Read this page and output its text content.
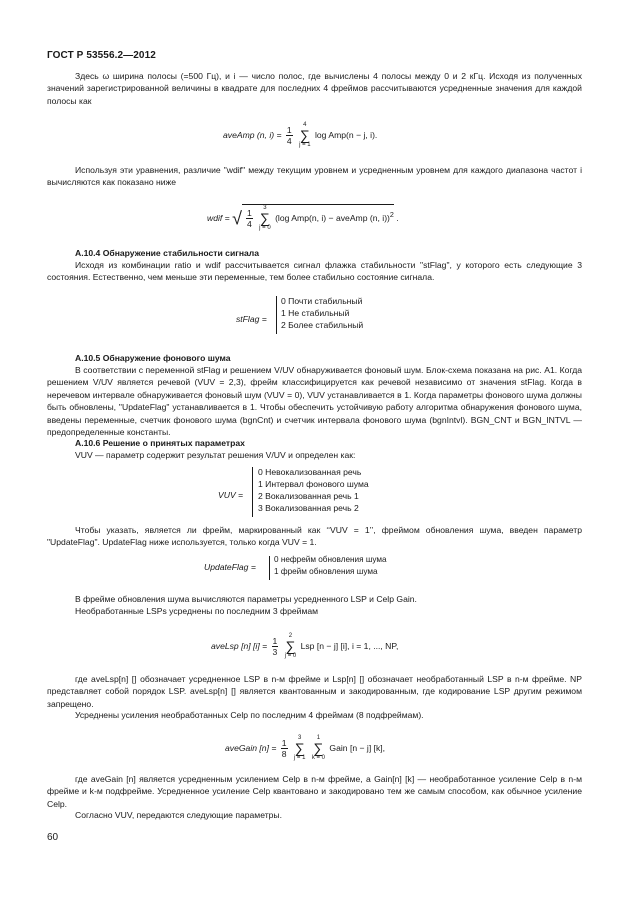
ГОСТ Р 53556.2—2012
Здесь ω ширина полосы (=500 Гц), и i — число полос, где вычислены 4 полосы между 0 и 2 кГц. Исходя из полученных значений зарегистрированной величины в квадрате для последних 4 фреймов рассчитываются усредненные значения для каждой полосы как
aveAmp (n, $i) = \frac{1}{4}$
	4
∑
j = 1
log Amp(n − j, i).
Используя эти уравнения, различие "wdif" между текущим уровнем и усредненным уровнем для каждого диапазона частот i вычисляются как показано ниже
wdif = √ $\frac{1}{4}$
	3
∑
j = 0
(log Amp(n, i) − aveAmp (n, i))$^2$ .
А.10.4 Обнаружение стабильности сигнала
Исходя из комбинации ratio и wdif рассчитывается сигнал флажка стабильности "stFlag", у которого есть следующие 3 состояния. Естественно, чем меньше эти переменные, тем более стабильно состояние сигнала.
stFlag =
0 Почти стабильный
1 Не стабильный
2 Более стабильный
А.10.5 Обнаружение фонового шума
В соответствии с переменной stFlag и решением V/UV обнаруживается фоновый шум. Блок-схема показана на рис. А1. Когда решением V/UV является речевой (VUV = 2,3), фрейм классифицируется как речевой независимо от значения stFlag. Когда в неречевом интервале обнаруживается фоновый шум (VUV = 0), VUV устанавливается в 1. Когда параметры фонового шума должны быть обновлены, "UpdateFlag" устанавливается в 1. Чтобы обеспечить устойчивую работу алгоритма обнаружения фонового шума, введены переменные, счетчик фонового шума (bgnCnt) и счетчик интервала фонового шума (bgnIntvl). BGN_CNT и BGN_INTVL — предопределенные константы.
А.10.6 Решение о принятых параметрах
VUV — параметр содержит результат решения V/UV и определен как:
VUV =
0 Невокализованная речь
1 Интервал фонового шума
2 Вокализованная речь 1
3 Вокализованная речь 2
Чтобы указать, является ли фрейм, маркированный как ‘‘VUV = 1’’, фреймом обновления шума, введен параметр "UpdateFlag". UpdateFlag ниже используется, только когда VUV = 1.
UpdateFlag =
0 нефрейм обновления шума
1 фрейм обновления шума
В фрейме обновления шума вычисляются параметры усредненного LSP и Celp Gain.
Необработанные LSPs усреднены по последним 3 фреймам
aveLsp [n] $[i] = \frac{1}{3}$
	2
∑
j = 0
Lsp [n − j] [i], i = 1, ..., NP,
где aveLsp[n] [] обозначает усредненное LSP в n-м фрейме и Lsp[n] [] обозначает необработанный LSP в n-м фрейме. NP представляет собой порядок LSP. aveLsp[n] [] является квантованным и закодированным, где кодирование LSP другим режимом запрещено.
Усреднены усиления необработанных Celp по последним 4 фреймам (8 подфреймам).
aveGain $[n] = \frac{1}{8}$
	3
∑
j = 1

1
∑
k = 0
Gain [n − j] [k],
где aveGain [n] является усредненным усилением Celp в n-м фрейме, а Gain[n] [k] — необработанное усиление Celp в n-м фрейме и k-м подфрейме. Усредненное усиление Celp квантовано и закодировано тем же самым способом, как обычное усиление Celp.
Согласно VUV, передаются следующие параметры.
60
